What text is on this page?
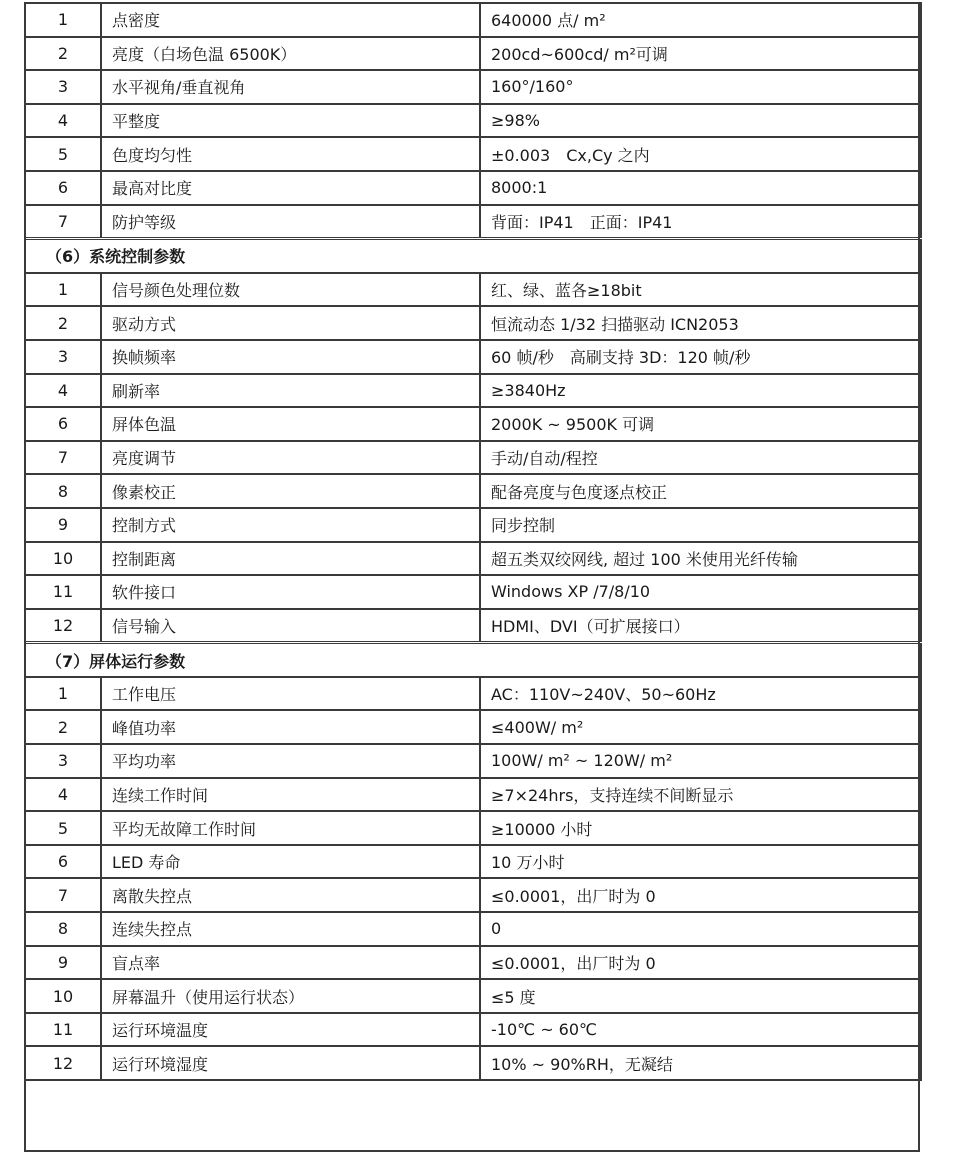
1	点密度	640000 点/ m²
2	亮度（白场色温 6500K）	200cd~600cd/ m²可调
3	水平视角/垂直视角	160°/160°
4	平整度	≥98%
5	色度均匀性	±0.003　Cx,Cy 之内
6	最高对比度	8000:1
7	防护等级	背面：IP41　正面：IP41
（6）系统控制参数		
1	信号颜色处理位数	红、绿、蓝各≥18bit
2	驱动方式	恒流动态 1/32 扫描驱动 ICN2053
3	换帧频率	60 帧/秒　高刷支持 3D：120 帧/秒
4	刷新率	≥3840Hz
6	屏体色温	2000K ~ 9500K 可调
7	亮度调节	手动/自动/程控
8	像素校正	配备亮度与色度逐点校正
9	控制方式	同步控制
10	控制距离	超五类双绞网线, 超过 100 米使用光纤传输
11	软件接口	Windows XP /7/8/10
12	信号输入	HDMI、DVI（可扩展接口）
（7）屏体运行参数		
1	工作电压	AC：110V~240V、50~60Hz
2	峰值功率	≤400W/ m²
3	平均功率	100W/ m² ~ 120W/ m²
4	连续工作时间	≥7×24hrs，支持连续不间断显示
5	平均无故障工作时间	≥10000 小时
6	LED 寿命	10 万小时
7	离散失控点	≤0.0001，出厂时为 0
8	连续失控点	0
9	盲点率	≤0.0001，出厂时为 0
10	屏幕温升（使用运行状态）	≤5 度
11	运行环境温度	-10℃ ~ 60℃
12	运行环境湿度	10% ~ 90%RH，无凝结
